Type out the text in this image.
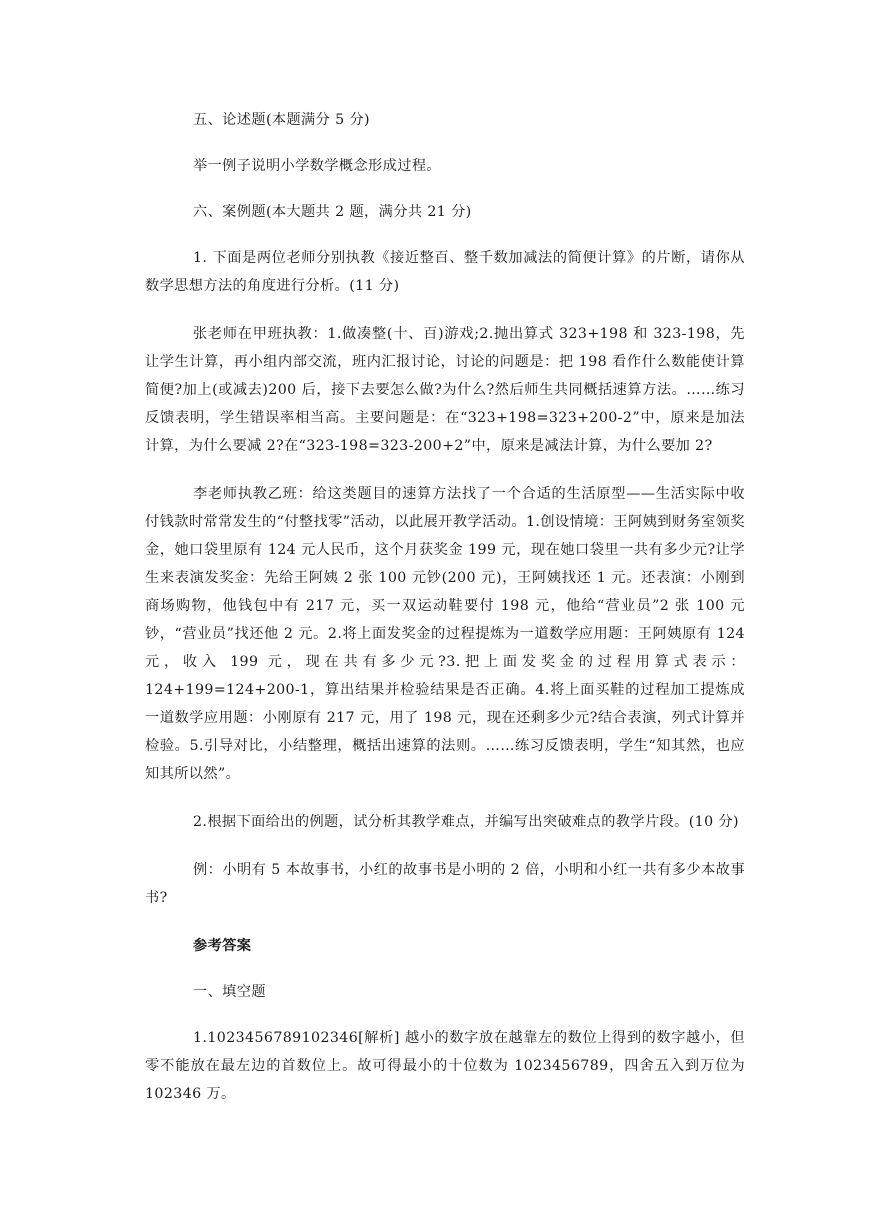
五、论述题(本题满分 5 分)

举一例子说明小学数学概念形成过程。

六、案例题(本大题共 2 题，满分共 21 分)

1. 下面是两位老师分别执教《接近整百、整千数加减法的简便计算》的片断，请你从数学思想方法的角度进行分析。(11 分)

张老师在甲班执教：1.做凑整(十、百)游戏;2.抛出算式 323+198 和 323-198，先让学生计算，再小组内部交流，班内汇报讨论，讨论的问题是：把 198 看作什么数能使计算简便?加上(或减去)200 后，接下去要怎么做?为什么?然后师生共同概括速算方法。……练习反馈表明，学生错误率相当高。主要问题是：在“323+198=323+200-2”中，原来是加法计算，为什么要减 2?在“323-198=323-200+2”中，原来是减法计算，为什么要加 2?

李老师执教乙班：给这类题目的速算方法找了一个合适的生活原型——生活实际中收付钱款时常常发生的“付整找零”活动，以此展开教学活动。1.创设情境：王阿姨到财务室领奖金，她口袋里原有 124 元人民币，这个月获奖金 199 元，现在她口袋里一共有多少元?让学生来表演发奖金：先给王阿姨 2 张 100 元钞(200 元)，王阿姨找还 1 元。还表演：小刚到商场购物，他钱包中有 217 元，买一双运动鞋要付 198 元，他给“营业员”2 张 100 元钞，“营业员”找还他 2 元。2.将上面发奖金的过程提炼为一道数学应用题：王阿姨原有 124 元，收入 199 元，现在共有多少元?3.把上面发奖金的过程用算式表示：124+199=124+200-1，算出结果并检验结果是否正确。4.将上面买鞋的过程加工提炼成一道数学应用题：小刚原有 217 元，用了 198 元，现在还剩多少元?结合表演，列式计算并检验。5.引导对比，小结整理，概括出速算的法则。……练习反馈表明，学生“知其然，也应知其所以然”。

2.根据下面给出的例题，试分析其教学难点，并编写出突破难点的教学片段。(10 分)

例：小明有 5 本故事书，小红的故事书是小明的 2 倍，小明和小红一共有多少本故事书?

参考答案

一、填空题

1.1023456789102346[解析] 越小的数字放在越靠左的数位上得到的数字越小，但零不能放在最左边的首数位上。故可得最小的十位数为 1023456789，四舍五入到万位为 102346 万。
